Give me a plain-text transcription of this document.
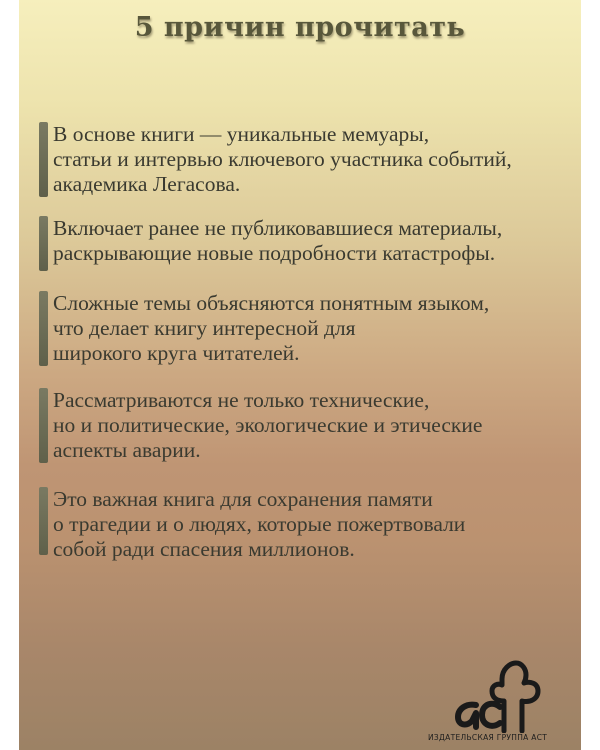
5 причин прочитать

В основе книги — уникальные мемуары,
статьи и интервью ключевого участника событий,
академика Легасова.

Включает ранее не публиковавшиеся материалы,
раскрывающие новые подробности катастрофы.

Сложные темы объясняются понятным языком,
что делает книгу интересной для
широкого круга читателей.

Рассматриваются не только технические,
но и политические, экологические и этические
аспекты аварии.

Это важная книга для сохранения памяти
о трагедии и о людях, которые пожертвовали
собой ради спасения миллионов.

ИЗДАТЕЛЬСКАЯ ГРУППА АСТ
